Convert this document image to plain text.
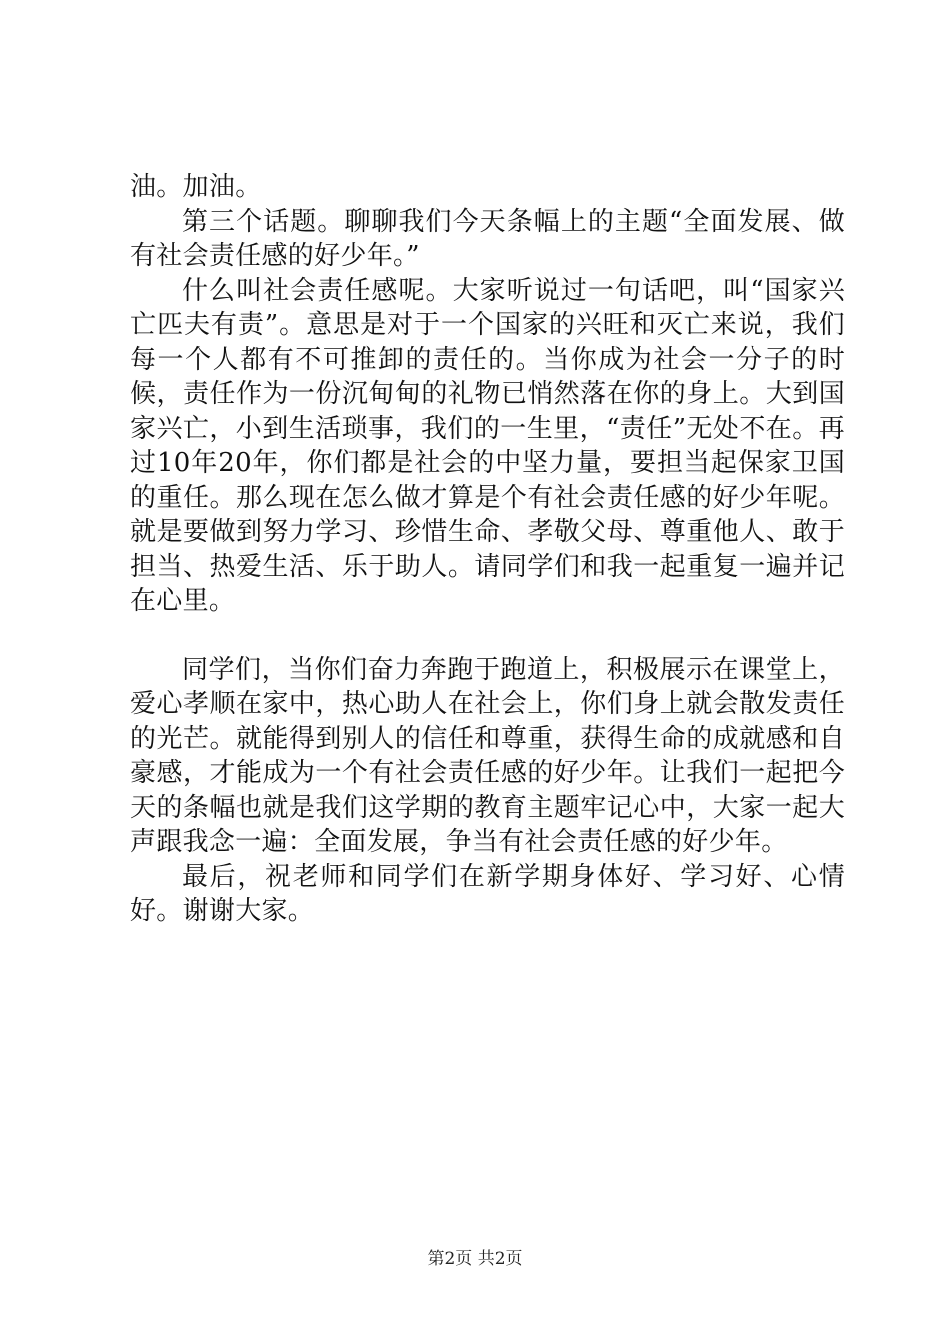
油。加油。

第三个话题。聊聊我们今天条幅上的主题“全面发展、做有社会责任感的好少年。”

什么叫社会责任感呢。大家听说过一句话吧，叫“国家兴亡匹夫有责”。意思是对于一个国家的兴旺和灭亡来说，我们每一个人都有不可推卸的责任的。当你成为社会一分子的时候，责任作为一份沉甸甸的礼物已悄然落在你的身上。大到国家兴亡，小到生活琐事，我们的一生里，“责任”无处不在。再过10年20年，你们都是社会的中坚力量，要担当起保家卫国的重任。那么现在怎么做才算是个有社会责任感的好少年呢。就是要做到努力学习、珍惜生命、孝敬父母、尊重他人、敢于担当、热爱生活、乐于助人。请同学们和我一起重复一遍并记在心里。

同学们，当你们奋力奔跑于跑道上，积极展示在课堂上，爱心孝顺在家中，热心助人在社会上，你们身上就会散发责任的光芒。就能得到别人的信任和尊重，获得生命的成就感和自豪感，才能成为一个有社会责任感的好少年。让我们一起把今天的条幅也就是我们这学期的教育主题牢记心中，大家一起大声跟我念一遍：全面发展，争当有社会责任感的好少年。

最后，祝老师和同学们在新学期身体好、学习好、心情好。谢谢大家。

第2页 共2页
